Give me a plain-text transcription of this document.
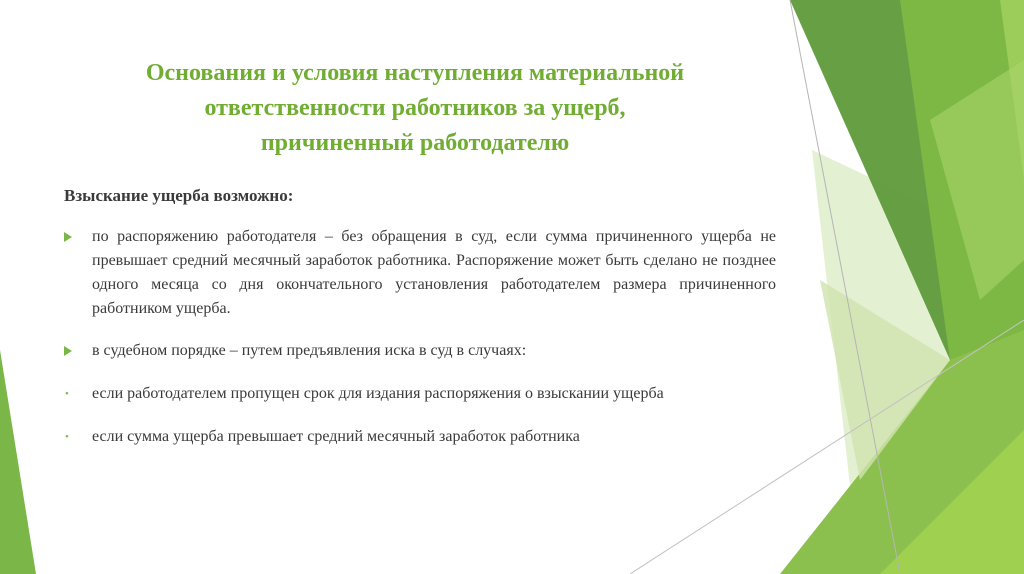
Основания и условия наступления материальной
ответственности работников за ущерб,
причиненный работодателю

Взыскание ущерба возможно:

по распоряжению работодателя – без обращения в суд, если сумма причиненного ущерба не превышает средний месячный заработок работника. Распоряжение может быть сделано не позднее одного месяца со дня окончательного установления работодателем размера причиненного работником ущерба.
в судебном порядке – путем предъявления иска в суд в случаях:
• если работодателем пропущен срок для издания распоряжения о взыскании ущерба
• если сумма ущерба превышает средний месячный заработок работника
